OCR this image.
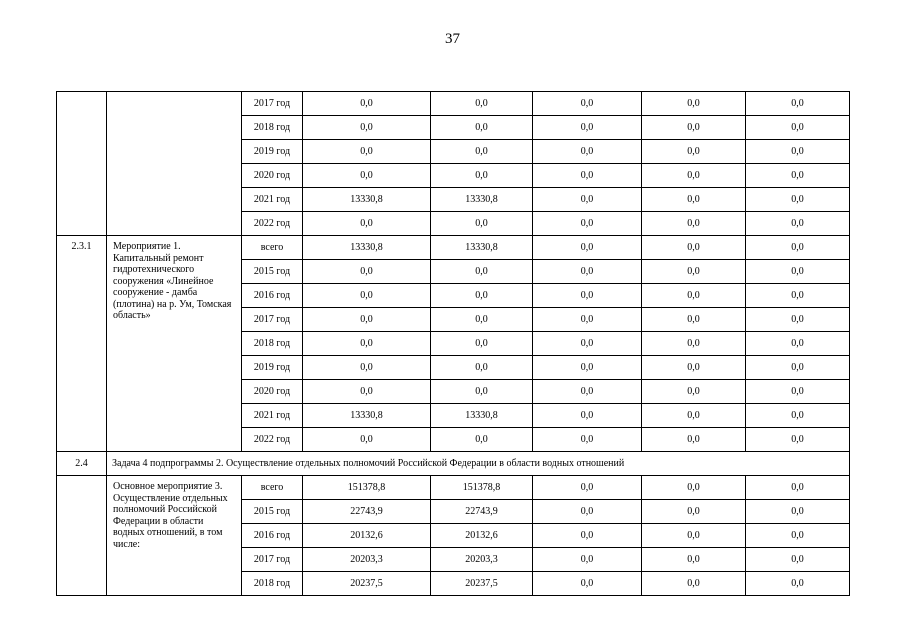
37
		2017 год	0,0	0,0	0,0	0,0	0,0
		2018 год	0,0	0,0	0,0	0,0	0,0
		2019 год	0,0	0,0	0,0	0,0	0,0
		2020 год	0,0	0,0	0,0	0,0	0,0
		2021 год	13330,8	13330,8	0,0	0,0	0,0
		2022 год	0,0	0,0	0,0	0,0	0,0
2.3.1	Мероприятие 1. Капитальный ремонт гидротехнического сооружения «Линейное сооружение - дамба (плотина) на р. Ум, Томская область»	всего	13330,8	13330,8	0,0	0,0	0,0
		2015 год	0,0	0,0	0,0	0,0	0,0
		2016 год	0,0	0,0	0,0	0,0	0,0
		2017 год	0,0	0,0	0,0	0,0	0,0
		2018 год	0,0	0,0	0,0	0,0	0,0
		2019 год	0,0	0,0	0,0	0,0	0,0
		2020 год	0,0	0,0	0,0	0,0	0,0
		2021 год	13330,8	13330,8	0,0	0,0	0,0
		2022 год	0,0	0,0	0,0	0,0	0,0
2.4	Задача 4 подпрограммы 2. Осуществление отдельных полномочий Российской Федерации в области водных отношений						
	Основное мероприятие 3. Осуществление отдельных полномочий Российской Федерации в области водных отношений, в том числе:	всего	151378,8	151378,8	0,0	0,0	0,0
		2015 год	22743,9	22743,9	0,0	0,0	0,0
		2016 год	20132,6	20132,6	0,0	0,0	0,0
		2017 год	20203,3	20203,3	0,0	0,0	0,0
		2018 год	20237,5	20237,5	0,0	0,0	0,0
